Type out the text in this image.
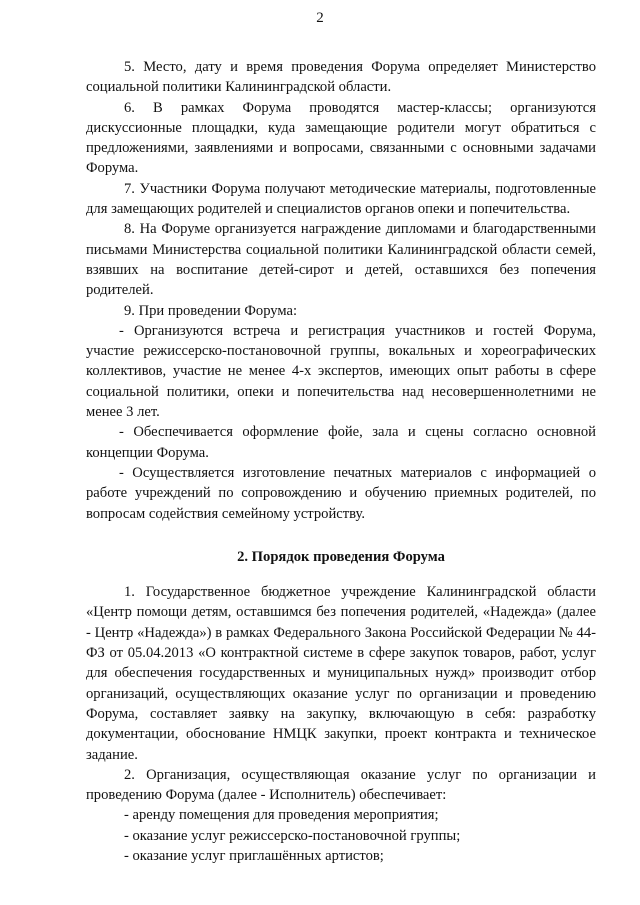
2

5. Место, дату и время проведения Форума определяет Министерство социальной политики Калининградской области.

6. В рамках Форума проводятся мастер-классы; организуются дискуссионные площадки, куда замещающие родители могут обратиться с предложениями, заявлениями и вопросами, связанными с основными задачами Форума.

7. Участники Форума получают методические материалы, подготовленные для замещающих родителей и специалистов органов опеки и попечительства.

8. На Форуме организуется награждение дипломами и благодарственными письмами Министерства социальной политики Калининградской области семей, взявших на воспитание детей-сирот и детей, оставшихся без попечения родителей.

9. При проведении Форума:

- Организуются встреча и регистрация участников и гостей Форума, участие режиссерско-постановочной группы, вокальных и хореографических коллективов, участие не менее 4-х экспертов, имеющих опыт работы в сфере социальной политики, опеки и попечительства над несовершеннолетними не менее 3 лет.

- Обеспечивается оформление фойе, зала и сцены согласно основной концепции Форума.

- Осуществляется изготовление печатных материалов с информацией о работе учреждений по сопровождению и обучению приемных родителей, по вопросам содействия семейному устройству.

2. Порядок проведения Форума

1. Государственное бюджетное учреждение Калининградской области «Центр помощи детям, оставшимся без попечения родителей, «Надежда» (далее - Центр «Надежда») в рамках Федерального Закона Российской Федерации № 44-ФЗ от 05.04.2013 «О контрактной системе в сфере закупок товаров, работ, услуг для обеспечения государственных и муниципальных нужд» производит отбор организаций, осуществляющих оказание услуг по организации и проведению Форума, составляет заявку на закупку, включающую в себя: разработку документации, обоснование НМЦК закупки, проект контракта и техническое задание.

2. Организация, осуществляющая оказание услуг по организации и проведению Форума (далее - Исполнитель) обеспечивает:

- аренду помещения для проведения мероприятия;

- оказание услуг режиссерско-постановочной группы;

- оказание услуг приглашённых артистов;
